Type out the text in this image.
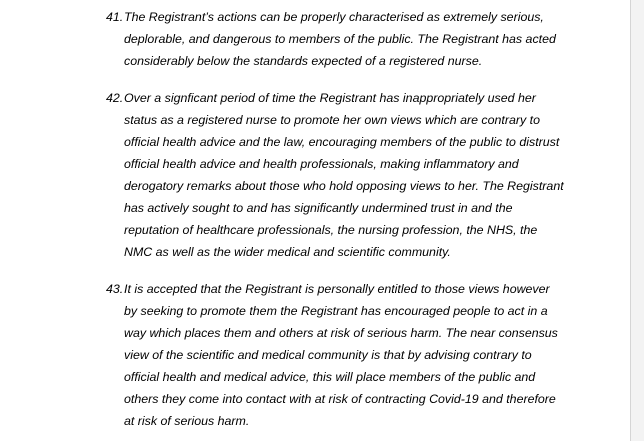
41. The Registrant’s actions can be properly characterised as extremely serious,
deplorable, and dangerous to members of the public. The Registrant has acted
considerably below the standards expected of a registered nurse.
42. Over a signficant period of time the Registrant has inappropriately used her
status as a registered nurse to promote her own views which are contrary to
official health advice and the law, encouraging members of the public to distrust
official health advice and health professionals, making inflammatory and
derogatory remarks about those who hold opposing views to her. The Registrant
has actively sought to and has significantly undermined trust in and the
reputation of healthcare professionals, the nursing profession, the NHS, the
NMC as well as the wider medical and scientific community.
43. It is accepted that the Registrant is personally entitled to those views however
by seeking to promote them the Registrant has encouraged people to act in a
way which places them and others at risk of serious harm. The near consensus
view of the scientific and medical community is that by advising contrary to
official health and medical advice, this will place members of the public and
others they come into contact with at risk of contracting Covid-19 and therefore
at risk of serious harm.
